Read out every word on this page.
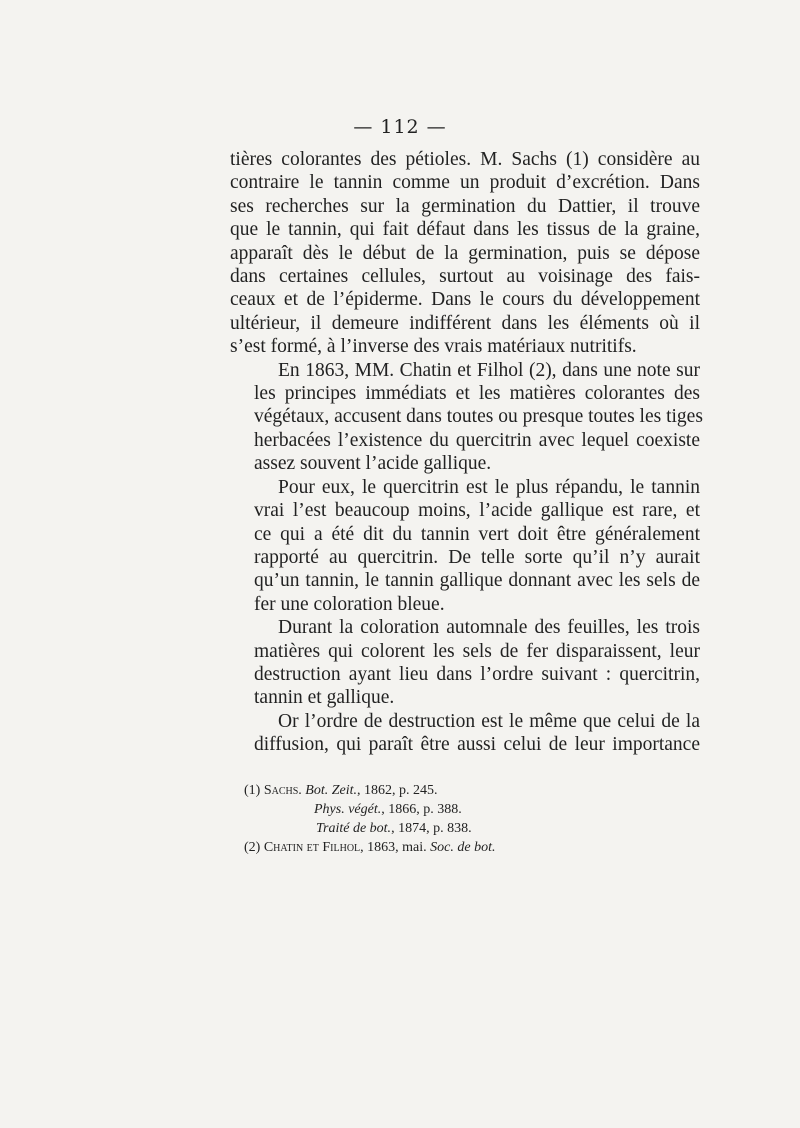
— 112 —

tières colorantes des pétioles. M. Sachs (1) considère au
contraire le tannin comme un produit d’excrétion. Dans
ses recherches sur la germination du Dattier, il trouve
que le tannin, qui fait défaut dans les tissus de la graine,
apparaît dès le début de la germination, puis se dépose
dans certaines cellules, surtout au voisinage des fais-
ceaux et de l’épiderme. Dans le cours du développement
ultérieur, il demeure indifférent dans les éléments où il
s’est formé, à l’inverse des vrais matériaux nutritifs.

En 1863, MM. Chatin et Filhol (2), dans une note sur
les principes immédiats et les matières colorantes des
végétaux, accusent dans toutes ou presque toutes les tiges
herbacées l’existence du quercitrin avec lequel coexiste
assez souvent l’acide gallique.

Pour eux, le quercitrin est le plus répandu, le tannin
vrai l’est beaucoup moins, l’acide gallique est rare, et
ce qui a été dit du tannin vert doit être généralement
rapporté au quercitrin. De telle sorte qu’il n’y aurait
qu’un tannin, le tannin gallique donnant avec les sels de
fer une coloration bleue.

Durant la coloration automnale des feuilles, les trois
matières qui colorent les sels de fer disparaissent, leur
destruction ayant lieu dans l’ordre suivant : quercitrin,
tannin et gallique.

Or l’ordre de destruction est le même que celui de la
diffusion, qui paraît être aussi celui de leur importance

(1) Sachs. Bot. Zeit., 1862, p. 245.
Phys. végét., 1866, p. 388.
Traité de bot., 1874, p. 838.
(2) Chatin et Filhol, 1863, mai. Soc. de bot.
